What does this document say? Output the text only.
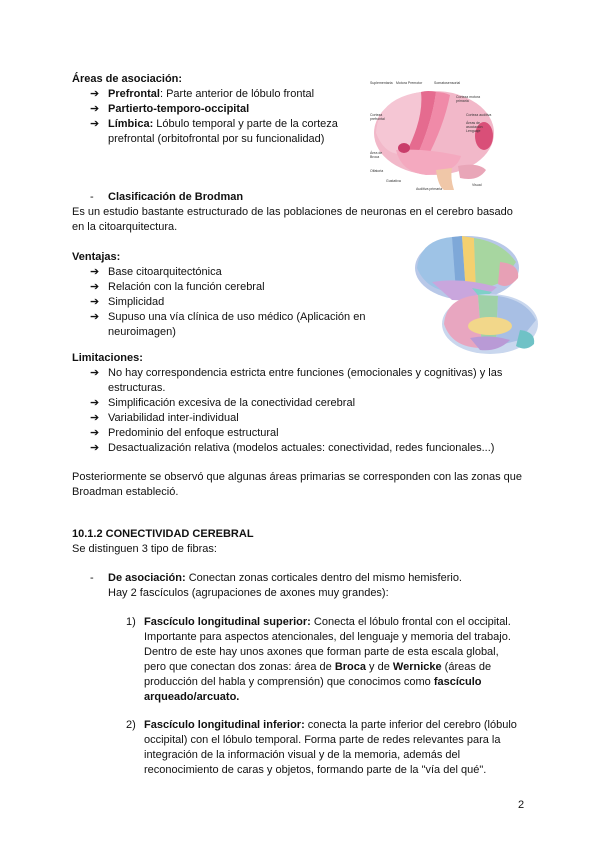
Áreas de asociación:
➔ Prefrontal: Parte anterior de lóbulo frontal
➔ Partierto-temporo-occipital
➔ Límbica: Lóbulo temporal y parte de la corteza
prefrontal (orbitofrontal por su funcionalidad)
Suplementaria Motora Premotor	Somatosensorial
Corteza motora
primaria
Corteza
prefrontal
Corteza auditiva
Áreas de
asociación
Lenguaje
Área de
Broca
Olfatoria
Visual
Gustativa
Auditiva primaria
- Clasificación de Brodman
Es un estudio bastante estructurado de las poblaciones de neuronas en el cerebro basado
en la citoarquitectura.
Ventajas:
➔ Base citoarquitectónica
➔ Relación con la función cerebral
➔ Simplicidad
➔ Supuso una vía clínica de uso médico (Aplicación en
neuroimagen)
Limitaciones:
➔ No hay correspondencia estricta entre funciones (emocionales y cognitivas) y las
estructuras.
➔ Simplificación excesiva de la conectividad cerebral
➔ Variabilidad inter-individual
➔ Predominio del enfoque estructural
➔ Desactualización relativa (modelos actuales: conectividad, redes funcionales...)
Posteriormente se observó que algunas áreas primarias se corresponden con las zonas que
Broadman estableció.
10.1.2 CONECTIVIDAD CEREBRAL
Se distinguen 3 tipo de fibras:
- De asociación: Conectan zonas corticales dentro del mismo hemisferio.
Hay 2 fascículos (agrupaciones de axones muy grandes):
1) Fascículo longitudinal superior: Conecta el lóbulo frontal con el occipital.
Importante para aspectos atencionales, del lenguaje y memoria del trabajo.
Dentro de este hay unos axones que forman parte de esta escala global,
pero que conectan dos zonas: área de Broca y de Wernicke (áreas de
producción del habla y comprensión) que conocimos como fascículo
arqueado/arcuato.
2) Fascículo longitudinal inferior: conecta la parte inferior del cerebro (lóbulo
occipital) con el lóbulo temporal. Forma parte de redes relevantes para la
integración de la información visual y de la memoria, además del
reconocimiento de caras y objetos, formando parte de la "vía del qué".
2
